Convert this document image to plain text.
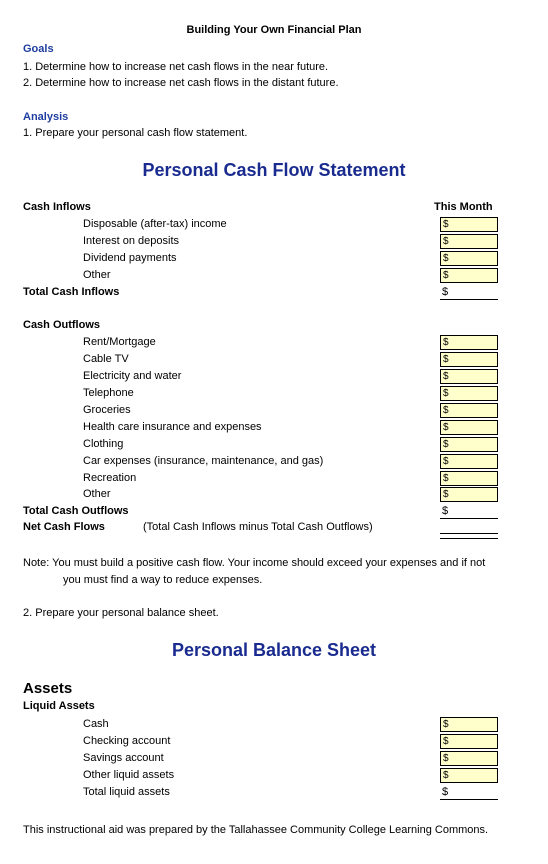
Building Your Own Financial Plan
Goals
1. Determine how to increase net cash flows in the near future.
2. Determine how to increase net cash flows in the distant future.
Analysis
1. Prepare your personal cash flow statement.
Personal Cash Flow Statement
Cash Inflows	This Month
Disposable (after-tax) income	$
Interest on deposits	$
Dividend payments	$
Other	$
Total Cash Inflows	$
Cash Outflows
Rent/Mortgage	$
Cable TV	$
Electricity and water	$
Telephone	$
Groceries	$
Health care insurance and expenses	$
Clothing	$
Car expenses (insurance, maintenance, and gas)	$
Recreation	$
Other	$
Total Cash Outflows	$
Net Cash Flows	(Total Cash Inflows minus Total Cash Outflows)
Note: You must build a positive cash flow. Your income should exceed your expenses and if not
you must find a way to reduce expenses.
2. Prepare your personal balance sheet.
Personal Balance Sheet
Assets
Liquid Assets
Cash	$
Checking account	$
Savings account	$
Other liquid assets	$
Total liquid assets	$
This instructional aid was prepared by the Tallahassee Community College Learning Commons.
